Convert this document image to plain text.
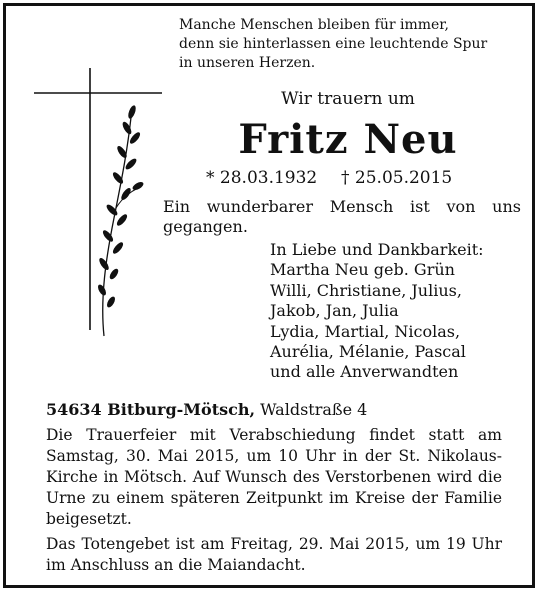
Manche Menschen bleiben für immer,
denn sie hinterlassen eine leuchtende Spur
in unseren Herzen.
Wir trauern um
Fritz Neu
* 28.03.1932 † 25.05.2015
Ein wunderbarer Mensch ist von uns gegangen.
In Liebe und Dankbarkeit:
Martha Neu geb. Grün
Willi, Christiane, Julius,
Jakob, Jan, Julia
Lydia, Martial, Nicolas,
Aurélia, Mélanie, Pascal
und alle Anverwandten
54634 Bitburg-Mötsch, Waldstraße 4
Die Trauerfeier mit Verabschiedung findet statt am Samstag, 30. Mai 2015, um 10 Uhr in der St. Nikolaus-Kirche in Mötsch. Auf Wunsch des Verstorbenen wird die Urne zu einem späteren Zeitpunkt im Kreise der Familie beigesetzt.
Das Totengebet ist am Freitag, 29. Mai 2015, um 19 Uhr im Anschluss an die Maiandacht.
